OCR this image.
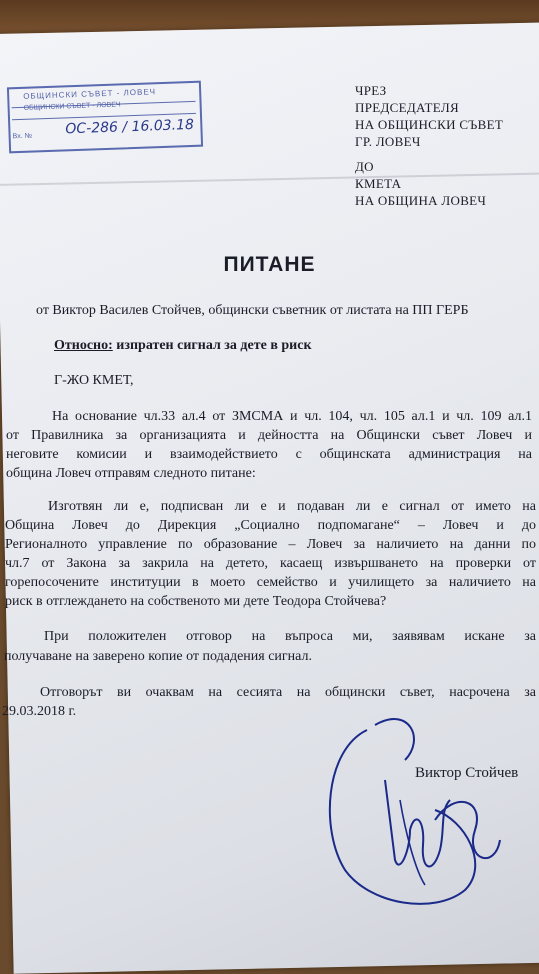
ОБЩИНСКИ СЪВЕТ - ЛОВЕЧ
ОБЩИНСКИ СЪВЕТ - ЛОВЕЧ
Вх. № ОС-286 / 16.03.18
ЧРЕЗ
ПРЕДСЕДАТЕЛЯ
НА ОБЩИНСКИ СЪВЕТ
ГР. ЛОВЕЧ
ДО
КМЕТА
НА ОБЩИНА ЛОВЕЧ
ПИТАНЕ
от Виктор Василев Стойчев, общински съветник от листата на ПП ГЕРБ
Относно: изпратен сигнал за дете в риск
Г-ЖО КМЕТ,
На основание чл.33 ал.4 от ЗМСМА и чл. 104, чл. 105 ал.1 и чл. 109 ал.1
от Правилника за организацията и дейността на Общински съвет Ловеч и
неговите комисии и взаимодействието с общинската администрация на
община Ловеч отправям следното питане:
Изготвян ли е, подписван ли е и подаван ли е сигнал от името на
Община Ловеч до Дирекция „Социално подпомагане“ – Ловеч и до
Регионалното управление по образование – Ловеч за наличието на данни по
чл.7 от Закона за закрила на детето, касаещ извършването на проверки от
горепосочените институции в моето семейство и училището за наличието на
риск в отглеждането на собственото ми дете Теодора Стойчева?
При положителен отговор на въпроса ми, заявявам искане за
получаване на заверено копие от подадения сигнал.
Отговорът ви очаквам на сесията на общински съвет, насрочена за
29.03.2018 г.
Виктор Стойчев
